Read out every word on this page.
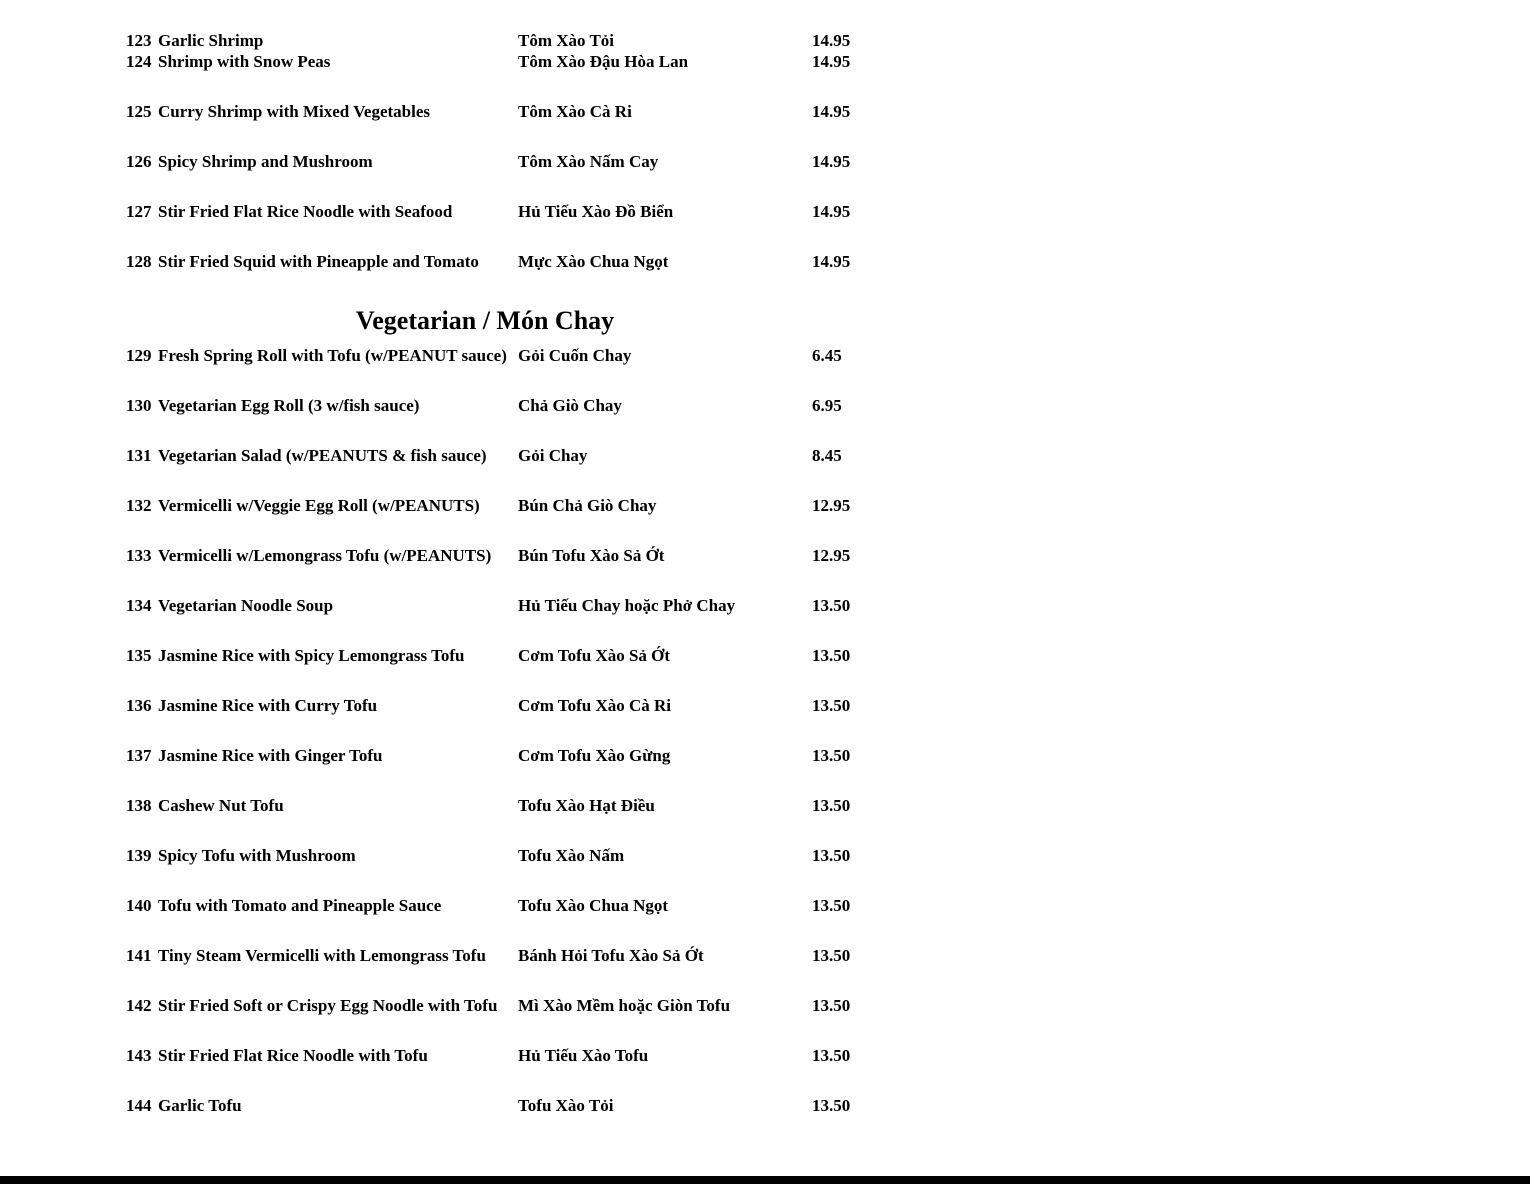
123	Garlic Shrimp	Tôm Xào Tỏi	14.95
124	Shrimp with Snow Peas	Tôm Xào Đậu Hòa Lan	14.95
125	Curry Shrimp with Mixed Vegetables	Tôm Xào Cà Ri	14.95
126	Spicy Shrimp and Mushroom	Tôm Xào Nấm Cay	14.95
127	Stir Fried Flat Rice Noodle with Seafood	Hủ Tiếu Xào Đồ Biển	14.95
128	Stir Fried Squid with Pineapple and Tomato	Mực Xào Chua Ngọt	14.95

Vegetarian / Món Chay			

129	Fresh Spring Roll with Tofu (w/PEANUT sauce)	Gỏi Cuốn Chay	6.45
130	Vegetarian Egg Roll (3 w/fish sauce)	Chả Giò Chay	6.95
131	Vegetarian Salad (w/PEANUTS & fish sauce)	Gỏi Chay	8.45
132	Vermicelli w/Veggie Egg Roll (w/PEANUTS)	Bún Chả Giò Chay	12.95
133	Vermicelli w/Lemongrass Tofu (w/PEANUTS)	Bún Tofu Xào Sả Ớt	12.95
134	Vegetarian Noodle Soup	Hủ Tiếu Chay hoặc Phở Chay	13.50
135	Jasmine Rice with Spicy Lemongrass Tofu	Cơm Tofu Xào Sả Ớt	13.50
136	Jasmine Rice with Curry Tofu	Cơm Tofu Xào Cà Ri	13.50
137	Jasmine Rice with Ginger Tofu	Cơm Tofu Xào Gừng	13.50
138	Cashew Nut Tofu	Tofu Xào Hạt Điều	13.50
139	Spicy Tofu with Mushroom	Tofu Xào Nấm	13.50
140	Tofu with Tomato and Pineapple Sauce	Tofu Xào Chua Ngọt	13.50
141	Tiny Steam Vermicelli with Lemongrass Tofu	Bánh Hỏi Tofu Xào Sả Ớt	13.50
142	Stir Fried Soft or Crispy Egg Noodle with Tofu	Mì Xào Mềm hoặc Giòn Tofu	13.50
143	Stir Fried Flat Rice Noodle with Tofu	Hủ Tiếu Xào Tofu	13.50
144	Garlic Tofu	Tofu Xào Tỏi	13.50
